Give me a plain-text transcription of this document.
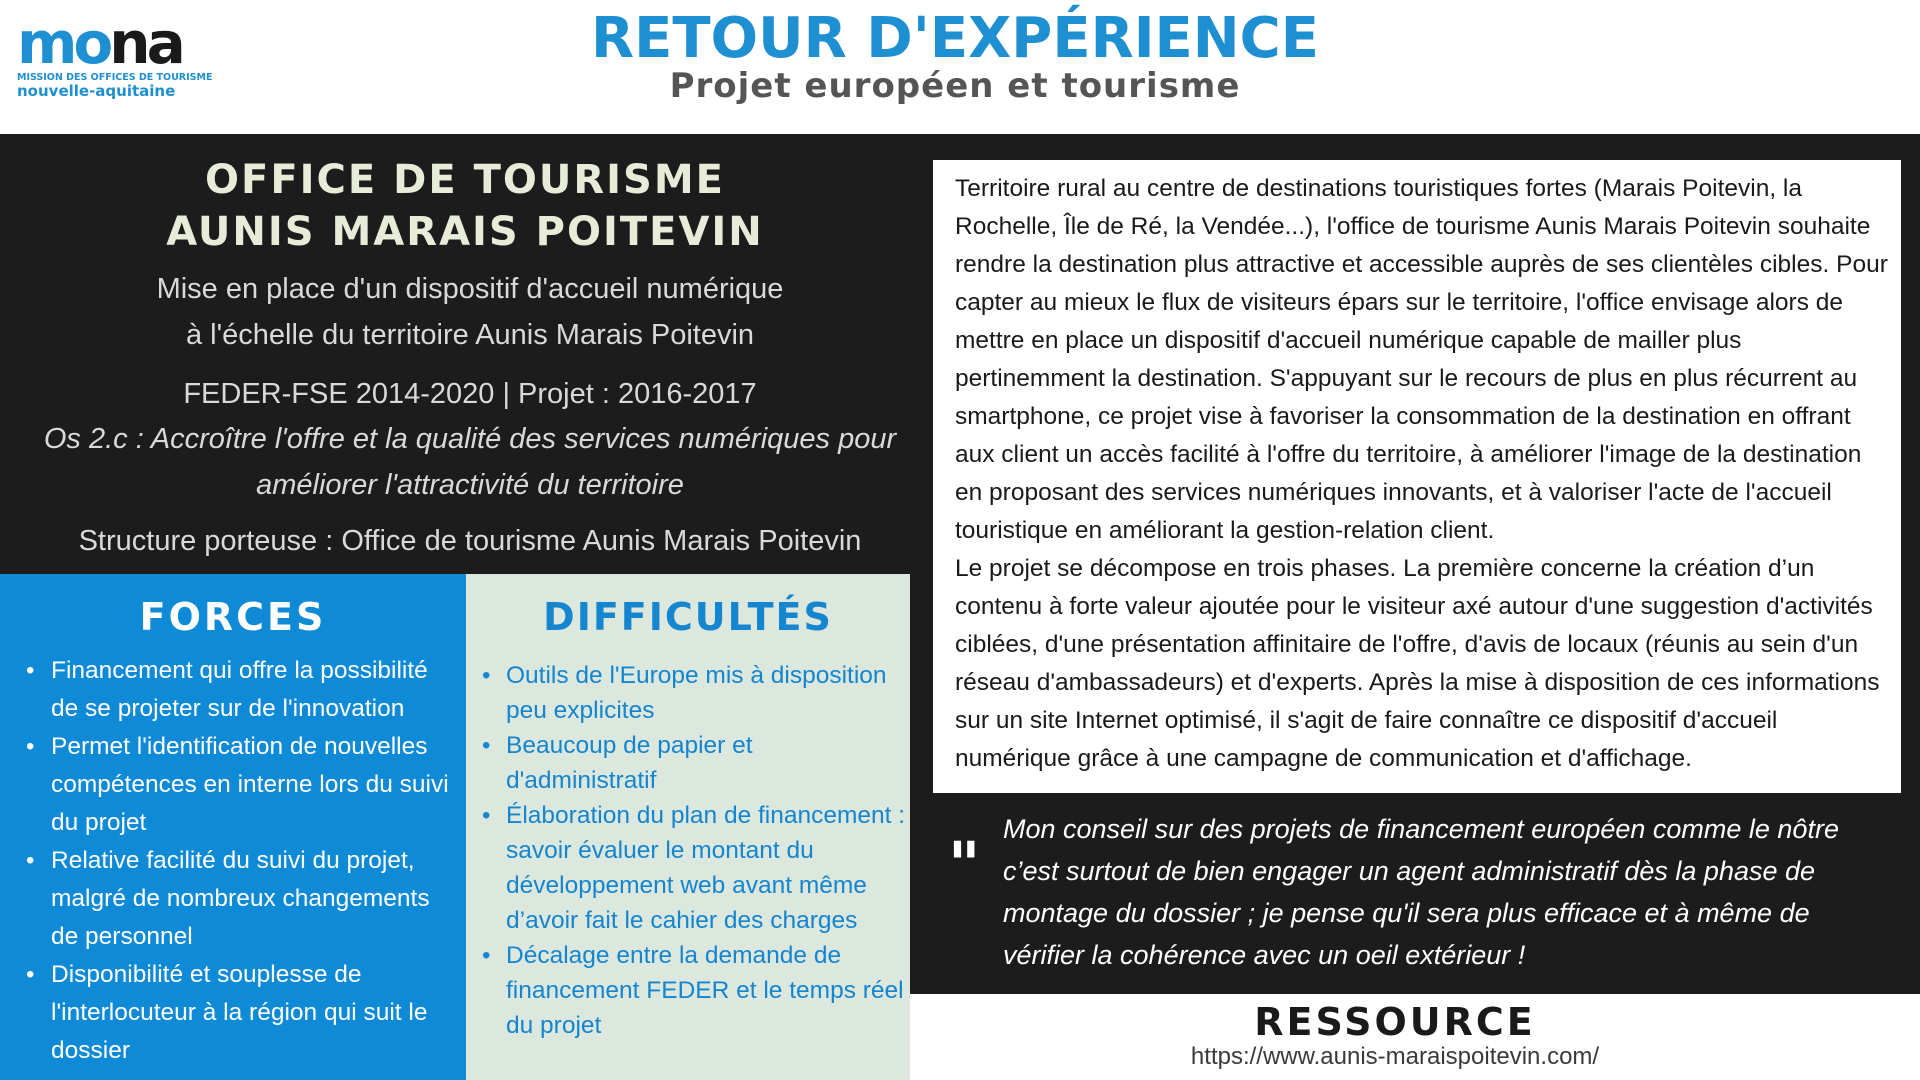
mona
MISSION DES OFFICES DE TOURISME
nouvelle-aquitaine
RETOUR D'EXPÉRIENCE
Projet européen et tourisme
OFFICE DE TOURISME
AUNIS MARAIS POITEVIN
Mise en place d'un dispositif d'accueil numérique
à l'échelle du territoire Aunis Marais Poitevin
FEDER-FSE 2014-2020 | Projet : 2016-2017
Os 2.c : Accroître l'offre et la qualité des services numériques pour
améliorer l'attractivité du territoire
Structure porteuse : Office de tourisme Aunis Marais Poitevin

Territoire rural au centre de destinations touristiques fortes (Marais Poitevin, la Rochelle, Île de Ré, la Vendée...), l'office de tourisme Aunis Marais Poitevin souhaite rendre la destination plus attractive et accessible auprès de ses clientèles cibles. Pour capter au mieux le flux de visiteurs épars sur le territoire, l'office envisage alors de mettre en place un dispositif d'accueil numérique capable de mailler plus pertinemment la destination. S'appuyant sur le recours de plus en plus récurrent au smartphone, ce projet vise à favoriser la consommation de la destination en offrant aux client un accès facilité à l'offre du territoire, à améliorer l'image de la destination en proposant des services numériques innovants, et à valoriser l'acte de l'accueil touristique en améliorant la gestion-relation client.

Le projet se décompose en trois phases. La première concerne la création d’un contenu à forte valeur ajoutée pour le visiteur axé autour d'une suggestion d'activités ciblées, d'une présentation affinitaire de l'offre, d'avis de locaux (réunis au sein d'un réseau d'ambassadeurs) et d'experts. Après la mise à disposition de ces informations sur un site Internet optimisé, il s'agit de faire connaître ce dispositif d'accueil numérique grâce à une campagne de communication et d'affichage.

" Mon conseil sur des projets de financement européen comme le nôtre c’est surtout de bien engager un agent administratif dès la phase de montage du dossier ; je pense qu'il sera plus efficace et à même de vérifier la cohérence avec un oeil extérieur !
FORCES
• Financement qui offre la possibilité de se projeter sur de l'innovation
• Permet l'identification de nouvelles compétences en interne lors du suivi du projet
• Relative facilité du suivi du projet, malgré de nombreux changements de personnel
• Disponibilité et souplesse de l'interlocuteur à la région qui suit le dossier
DIFFICULTÉS
• Outils de l'Europe mis à disposition peu explicites
• Beaucoup de papier et d'administratif
• Élaboration du plan de financement : savoir évaluer le montant du développement web avant même d’avoir fait le cahier des charges
• Décalage entre la demande de financement FEDER et le temps réel du projet	RESSOURCE
https://www.aunis-maraispoitevin.com/
